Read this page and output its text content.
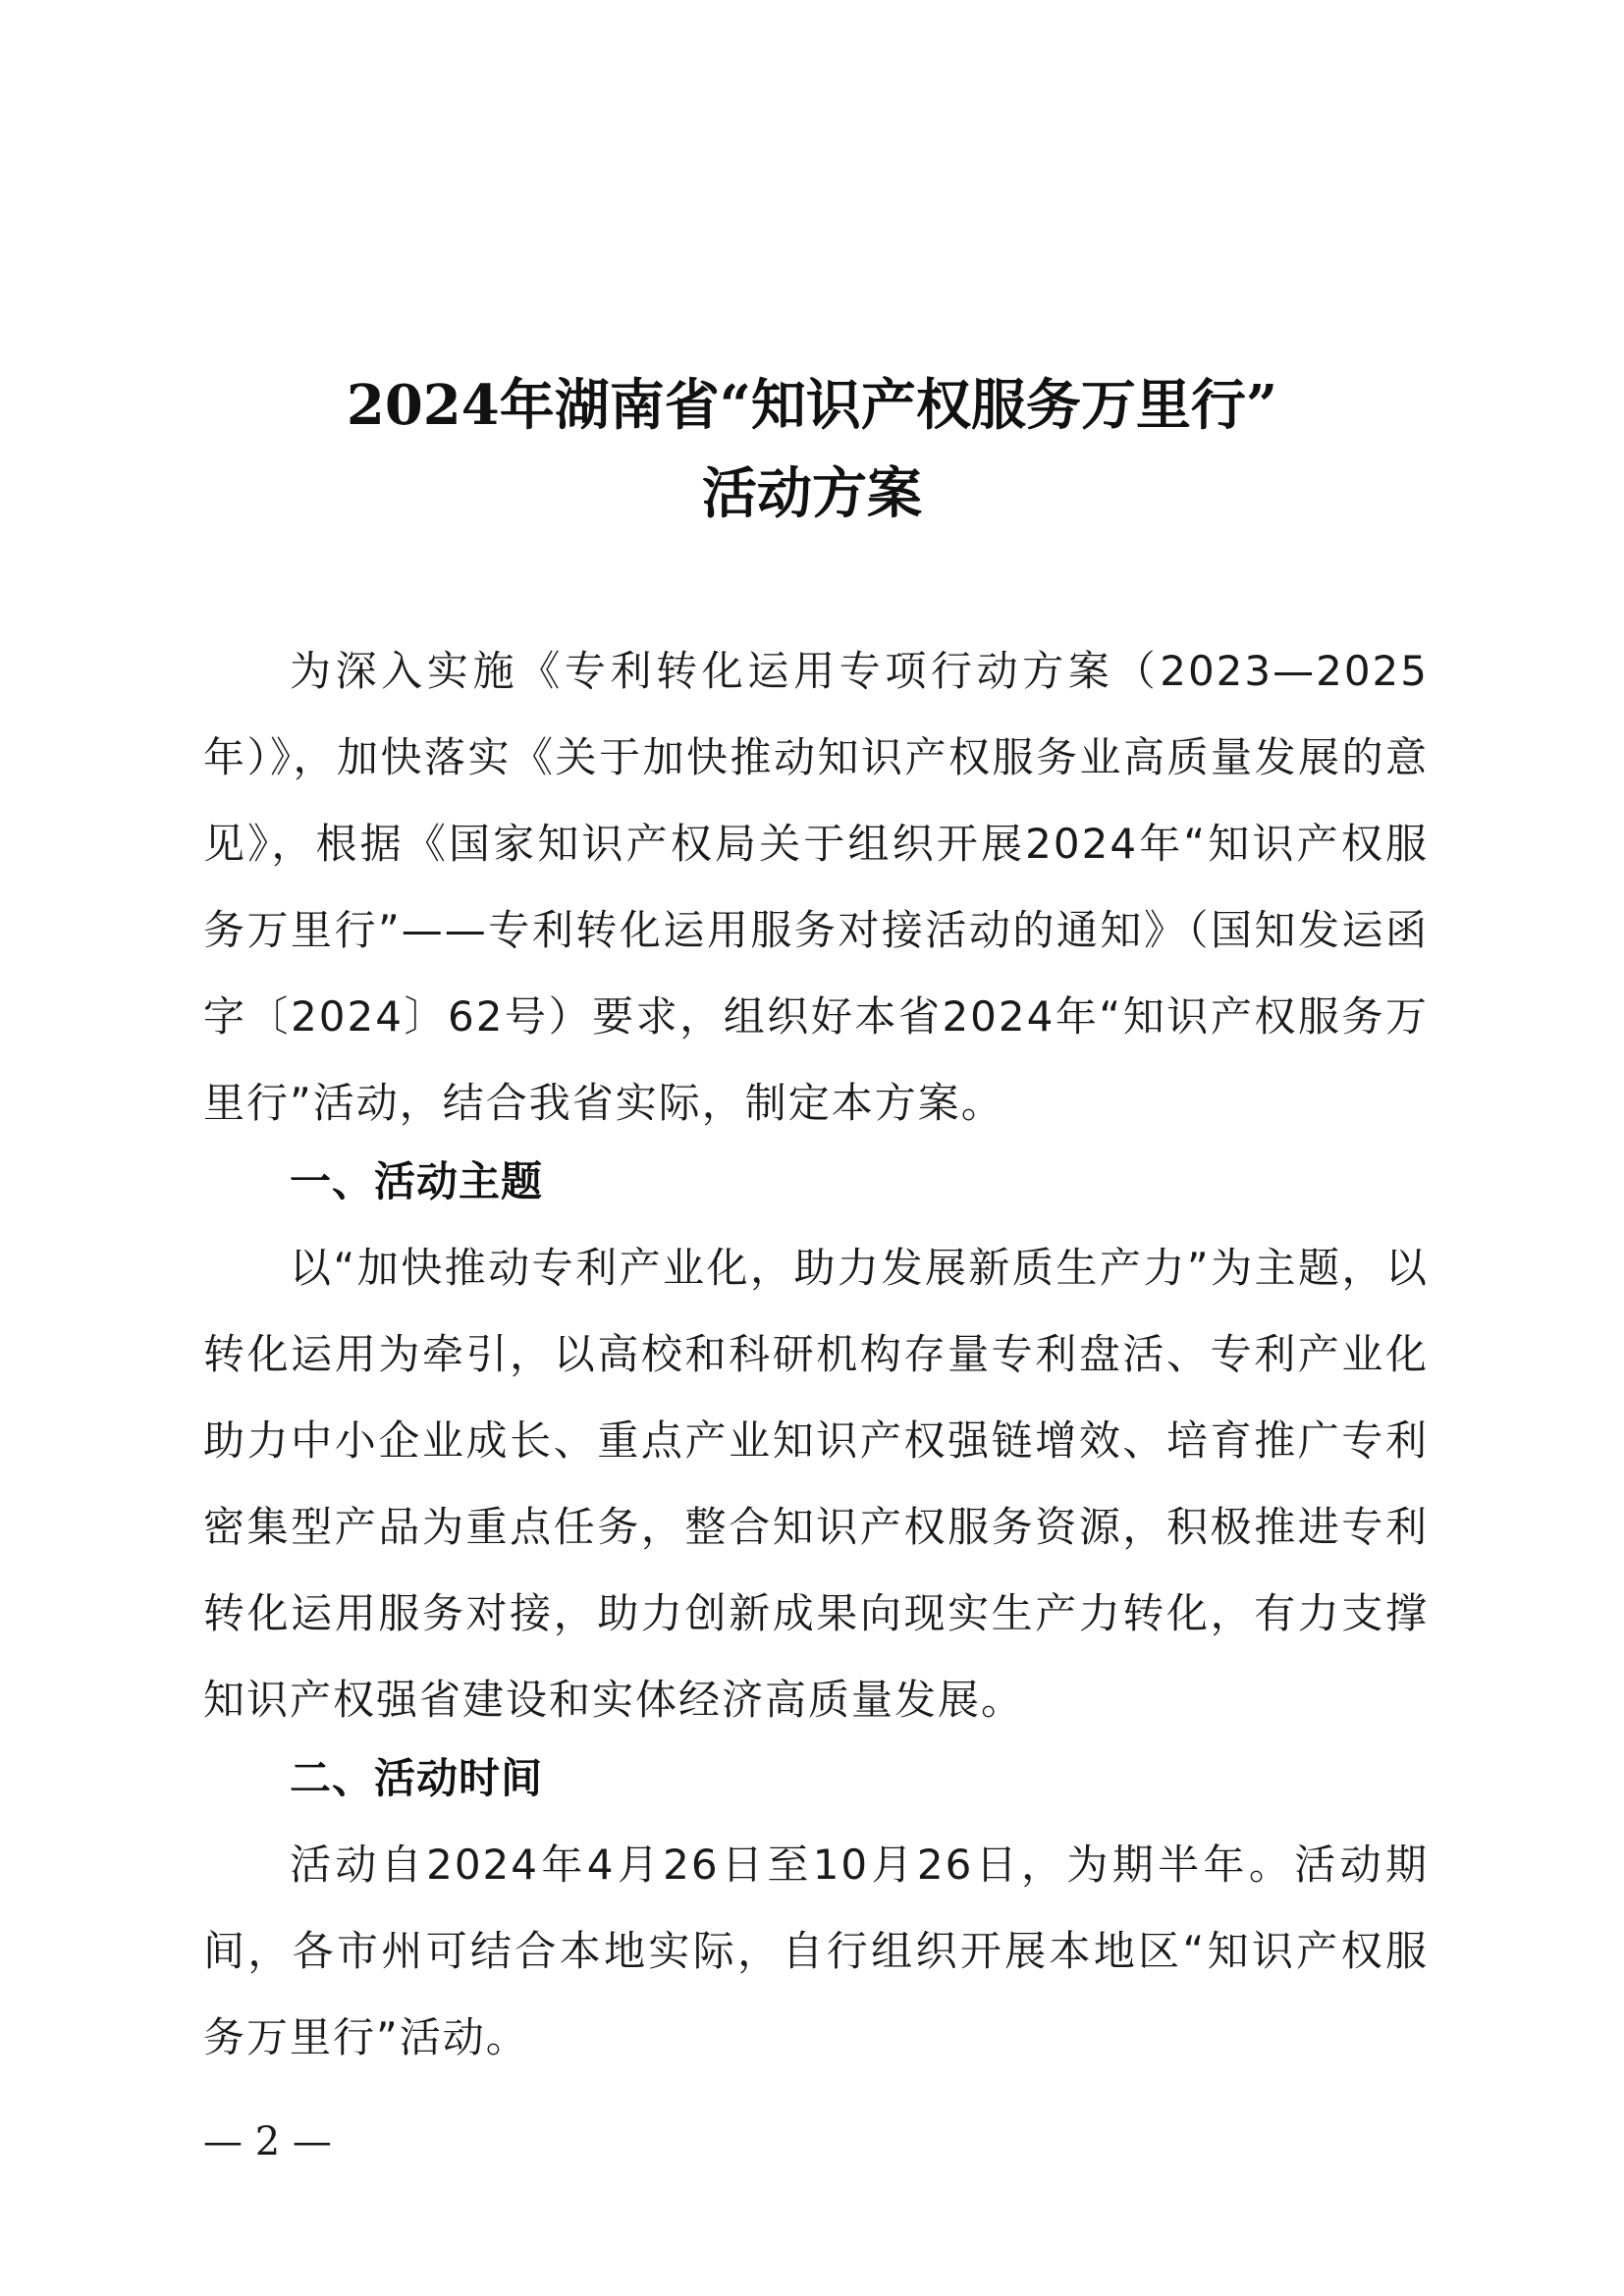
2024年湖南省“知识产权服务万里行”
活动方案

为深入实施《专利转化运用专项行动方案（2023—2025年）》，加快落实《关于加快推动知识产权服务业高质量发展的意见》，根据《国家知识产权局关于组织开展2024年“知识产权服务万里行”——专利转化运用服务对接活动的通知》（国知发运函字〔2024〕62号）要求，组织好本省2024年“知识产权服务万里行”活动，结合我省实际，制定本方案。

一、活动主题

以“加快推动专利产业化，助力发展新质生产力”为主题，以转化运用为牵引，以高校和科研机构存量专利盘活、专利产业化助力中小企业成长、重点产业知识产权强链增效、培育推广专利密集型产品为重点任务，整合知识产权服务资源，积极推进专利转化运用服务对接，助力创新成果向现实生产力转化，有力支撑知识产权强省建设和实体经济高质量发展。

二、活动时间

活动自2024年4月26日至10月26日，为期半年。活动期间，各市州可结合本地实际，自行组织开展本地区“知识产权服务万里行”活动。

— 2 —
